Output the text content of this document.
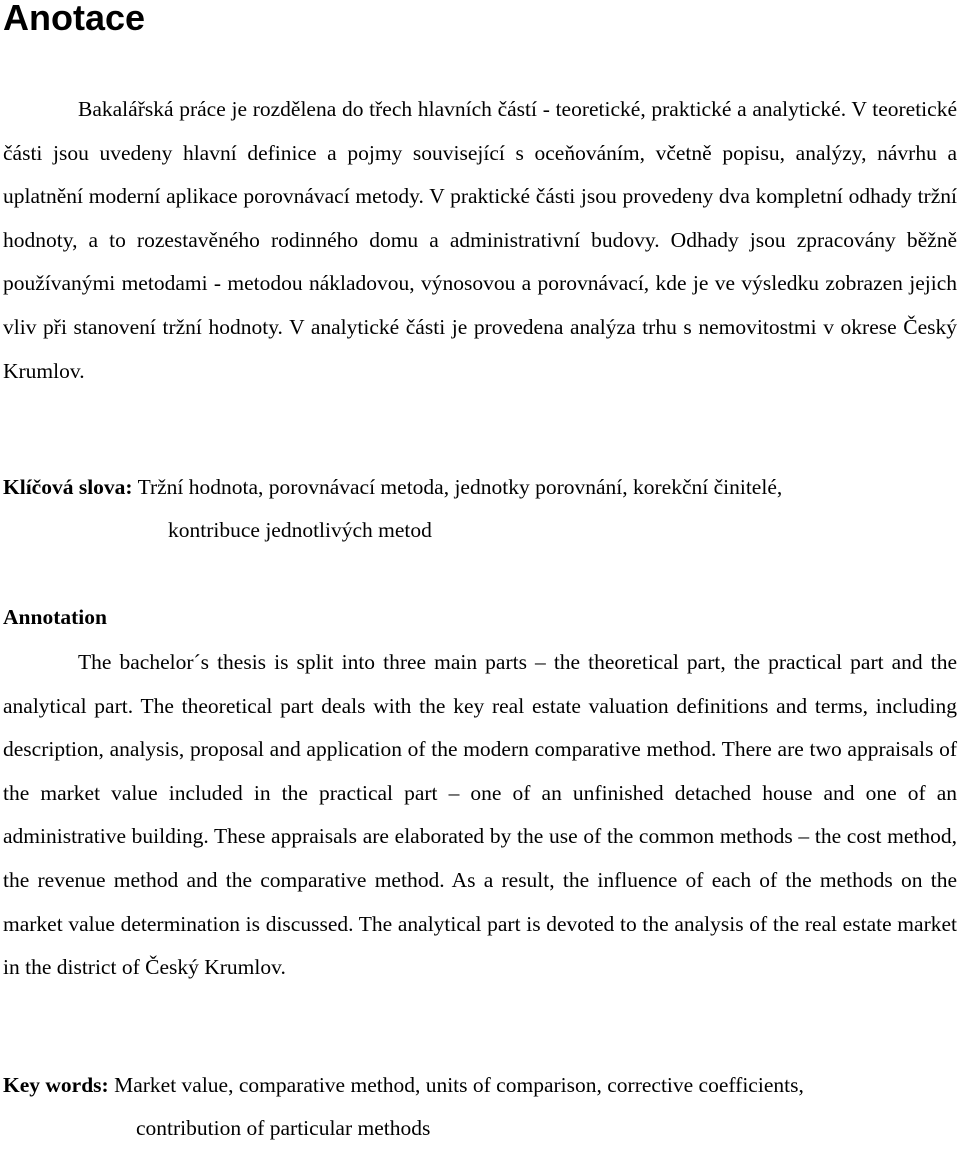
Anotace

Bakalářská práce je rozdělena do třech hlavních částí - teoretické, praktické a analytické. V teoretické části jsou uvedeny hlavní definice a pojmy související s oceňováním, včetně popisu, analýzy, návrhu a uplatnění moderní aplikace porovnávací metody. V praktické části jsou provedeny dva kompletní odhady tržní hodnoty, a to rozestavěného rodinného domu a administrativní budovy. Odhady jsou zpracovány běžně používanými metodami - metodou nákladovou, výnosovou a porovnávací, kde je ve výsledku zobrazen jejich vliv při stanovení tržní hodnoty. V analytické části je provedena analýza trhu s nemovitostmi v okrese Český Krumlov.

Klíčová slova: Tržní hodnota, porovnávací metoda, jednotky porovnání, korekční činitelé,
kontribuce jednotlivých metod
Annotation

The bachelor´s thesis is split into three main parts – the theoretical part, the practical part and the analytical part. The theoretical part deals with the key real estate valuation definitions and terms, including description, analysis, proposal and application of the modern comparative method. There are two appraisals of the market value included in the practical part – one of an unfinished detached house and one of an administrative building. These appraisals are elaborated by the use of the common methods – the cost method, the revenue method and the comparative method. As a result, the influence of each of the methods on the market value determination is discussed. The analytical part is devoted to the analysis of the real estate market in the district of Český Krumlov.

Key words: Market value, comparative method, units of comparison, corrective coefficients,
contribution of particular methods
